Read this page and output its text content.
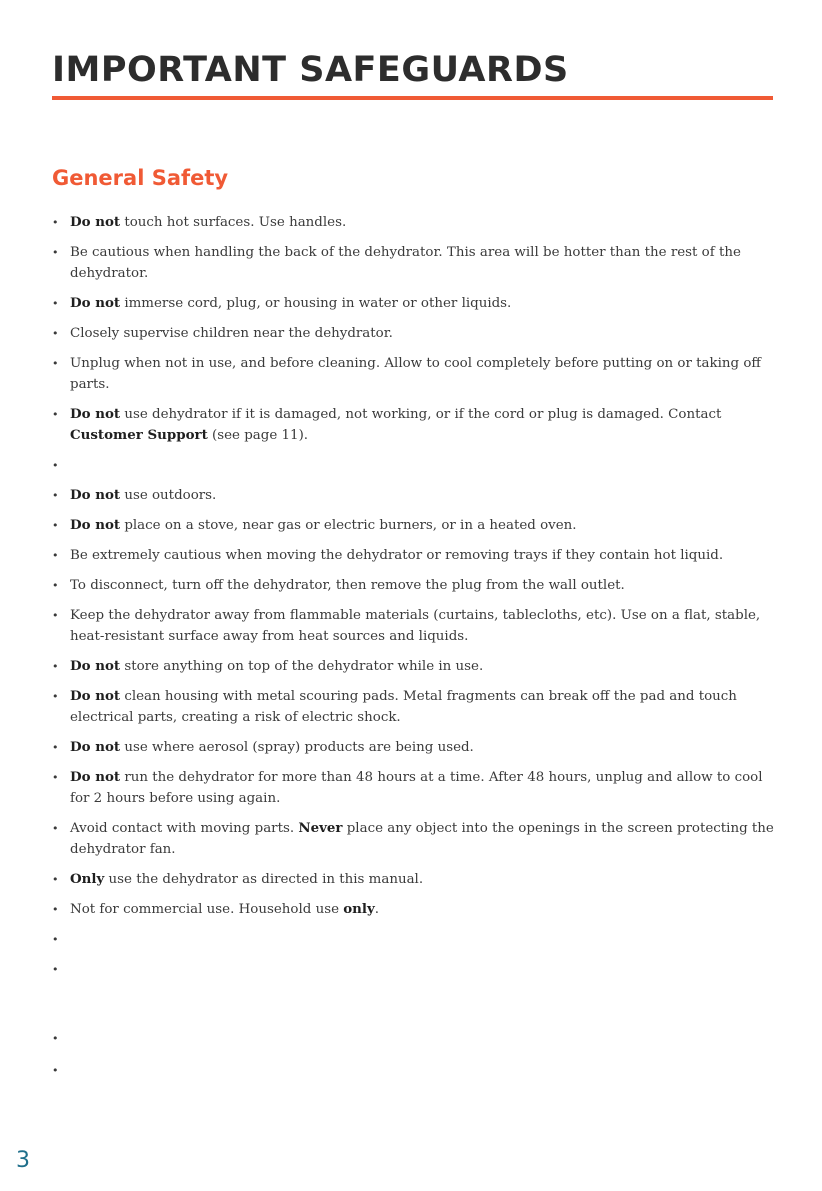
IMPORTANT SAFEGUARDS
General Safety
• Do not touch hot surfaces. Use handles.
• Be cautious when handling the back of the dehydrator. This area will be hotter than the rest of the dehydrator.
• Do not immerse cord, plug, or housing in water or other liquids.
• Closely supervise children near the dehydrator.
• Unplug when not in use, and before cleaning. Allow to cool completely before putting on or taking off parts.
• Do not use dehydrator if it is damaged, not working, or if the cord or plug is damaged. Contact Customer Support (see page 11).
•
• Do not use outdoors.
• Do not place on a stove, near gas or electric burners, or in a heated oven.
• Be extremely cautious when moving the dehydrator or removing trays if they contain hot liquid.
• To disconnect, turn off the dehydrator, then remove the plug from the wall outlet.
• Keep the dehydrator away from flammable materials (curtains, tablecloths, etc). Use on a flat, stable, heat-resistant surface away from heat sources and liquids.
• Do not store anything on top of the dehydrator while in use.
• Do not clean housing with metal scouring pads. Metal fragments can break off the pad and touch electrical parts, creating a risk of electric shock.
• Do not use where aerosol (spray) products are being used.
• Do not run the dehydrator for more than 48 hours at a time. After 48 hours, unplug and allow to cool for 2 hours before using again.
• Avoid contact with moving parts. Never place any object into the openings in the screen protecting the dehydrator fan.
• Only use the dehydrator as directed in this manual.
• Not for commercial use. Household use only.
•
•
•
•
3
